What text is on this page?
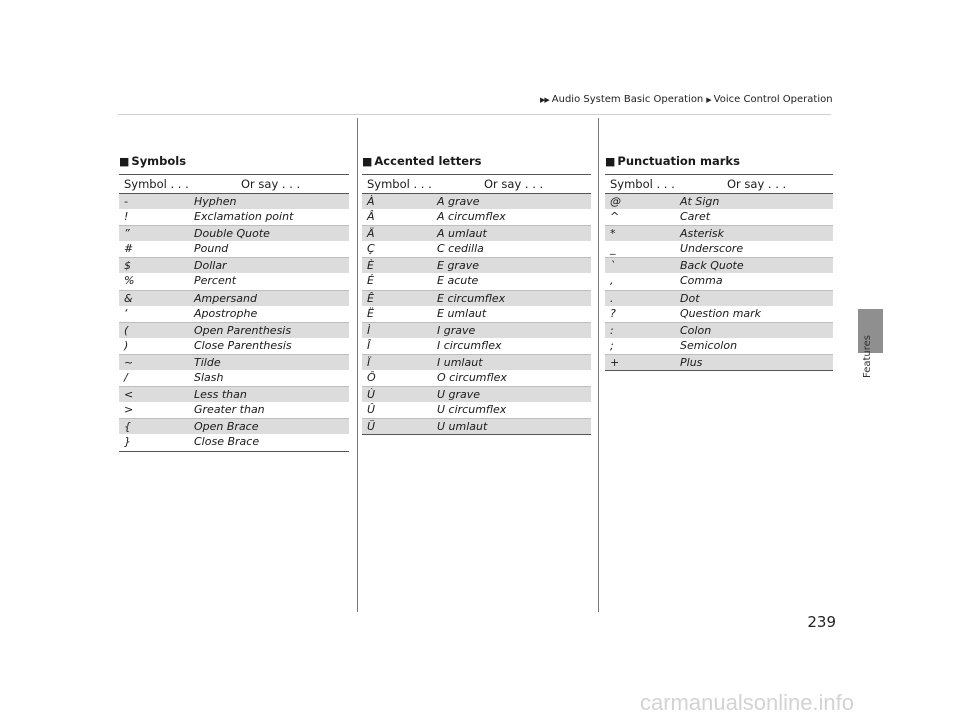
▶▶ Audio System Basic Operation ▶ Voice Control Operation
Features
■ Symbols
Symbol . . .	Or say . . .
-	Hyphen
!	Exclamation point
”	Double Quote
#	Pound
$	Dollar
%	Percent
&	Ampersand
‘	Apostrophe
(	Open Parenthesis
)	Close Parenthesis
~	Tilde
/	Slash
<	Less than
>	Greater than
{	Open Brace
}	Close Brace
■ Accented letters
Symbol . . .	Or say . . .
À	A grave
Â	A circumflex
Ä	A umlaut
Ç	C cedilla
È	E grave
É	E acute
Ê	E circumflex
Ë	E umlaut
Ì	I grave
Î	I circumflex
Ï	I umlaut
Ô	O circumflex
Ù	U grave
Û	U circumflex
Ü	U umlaut
■ Punctuation marks
Symbol . . .	Or say . . .
@	At Sign
^	Caret
*	Asterisk
_	Underscore
`	Back Quote
,	Comma
.	Dot
?	Question mark
:	Colon
;	Semicolon
+	Plus
239
carmanualsonline.info
